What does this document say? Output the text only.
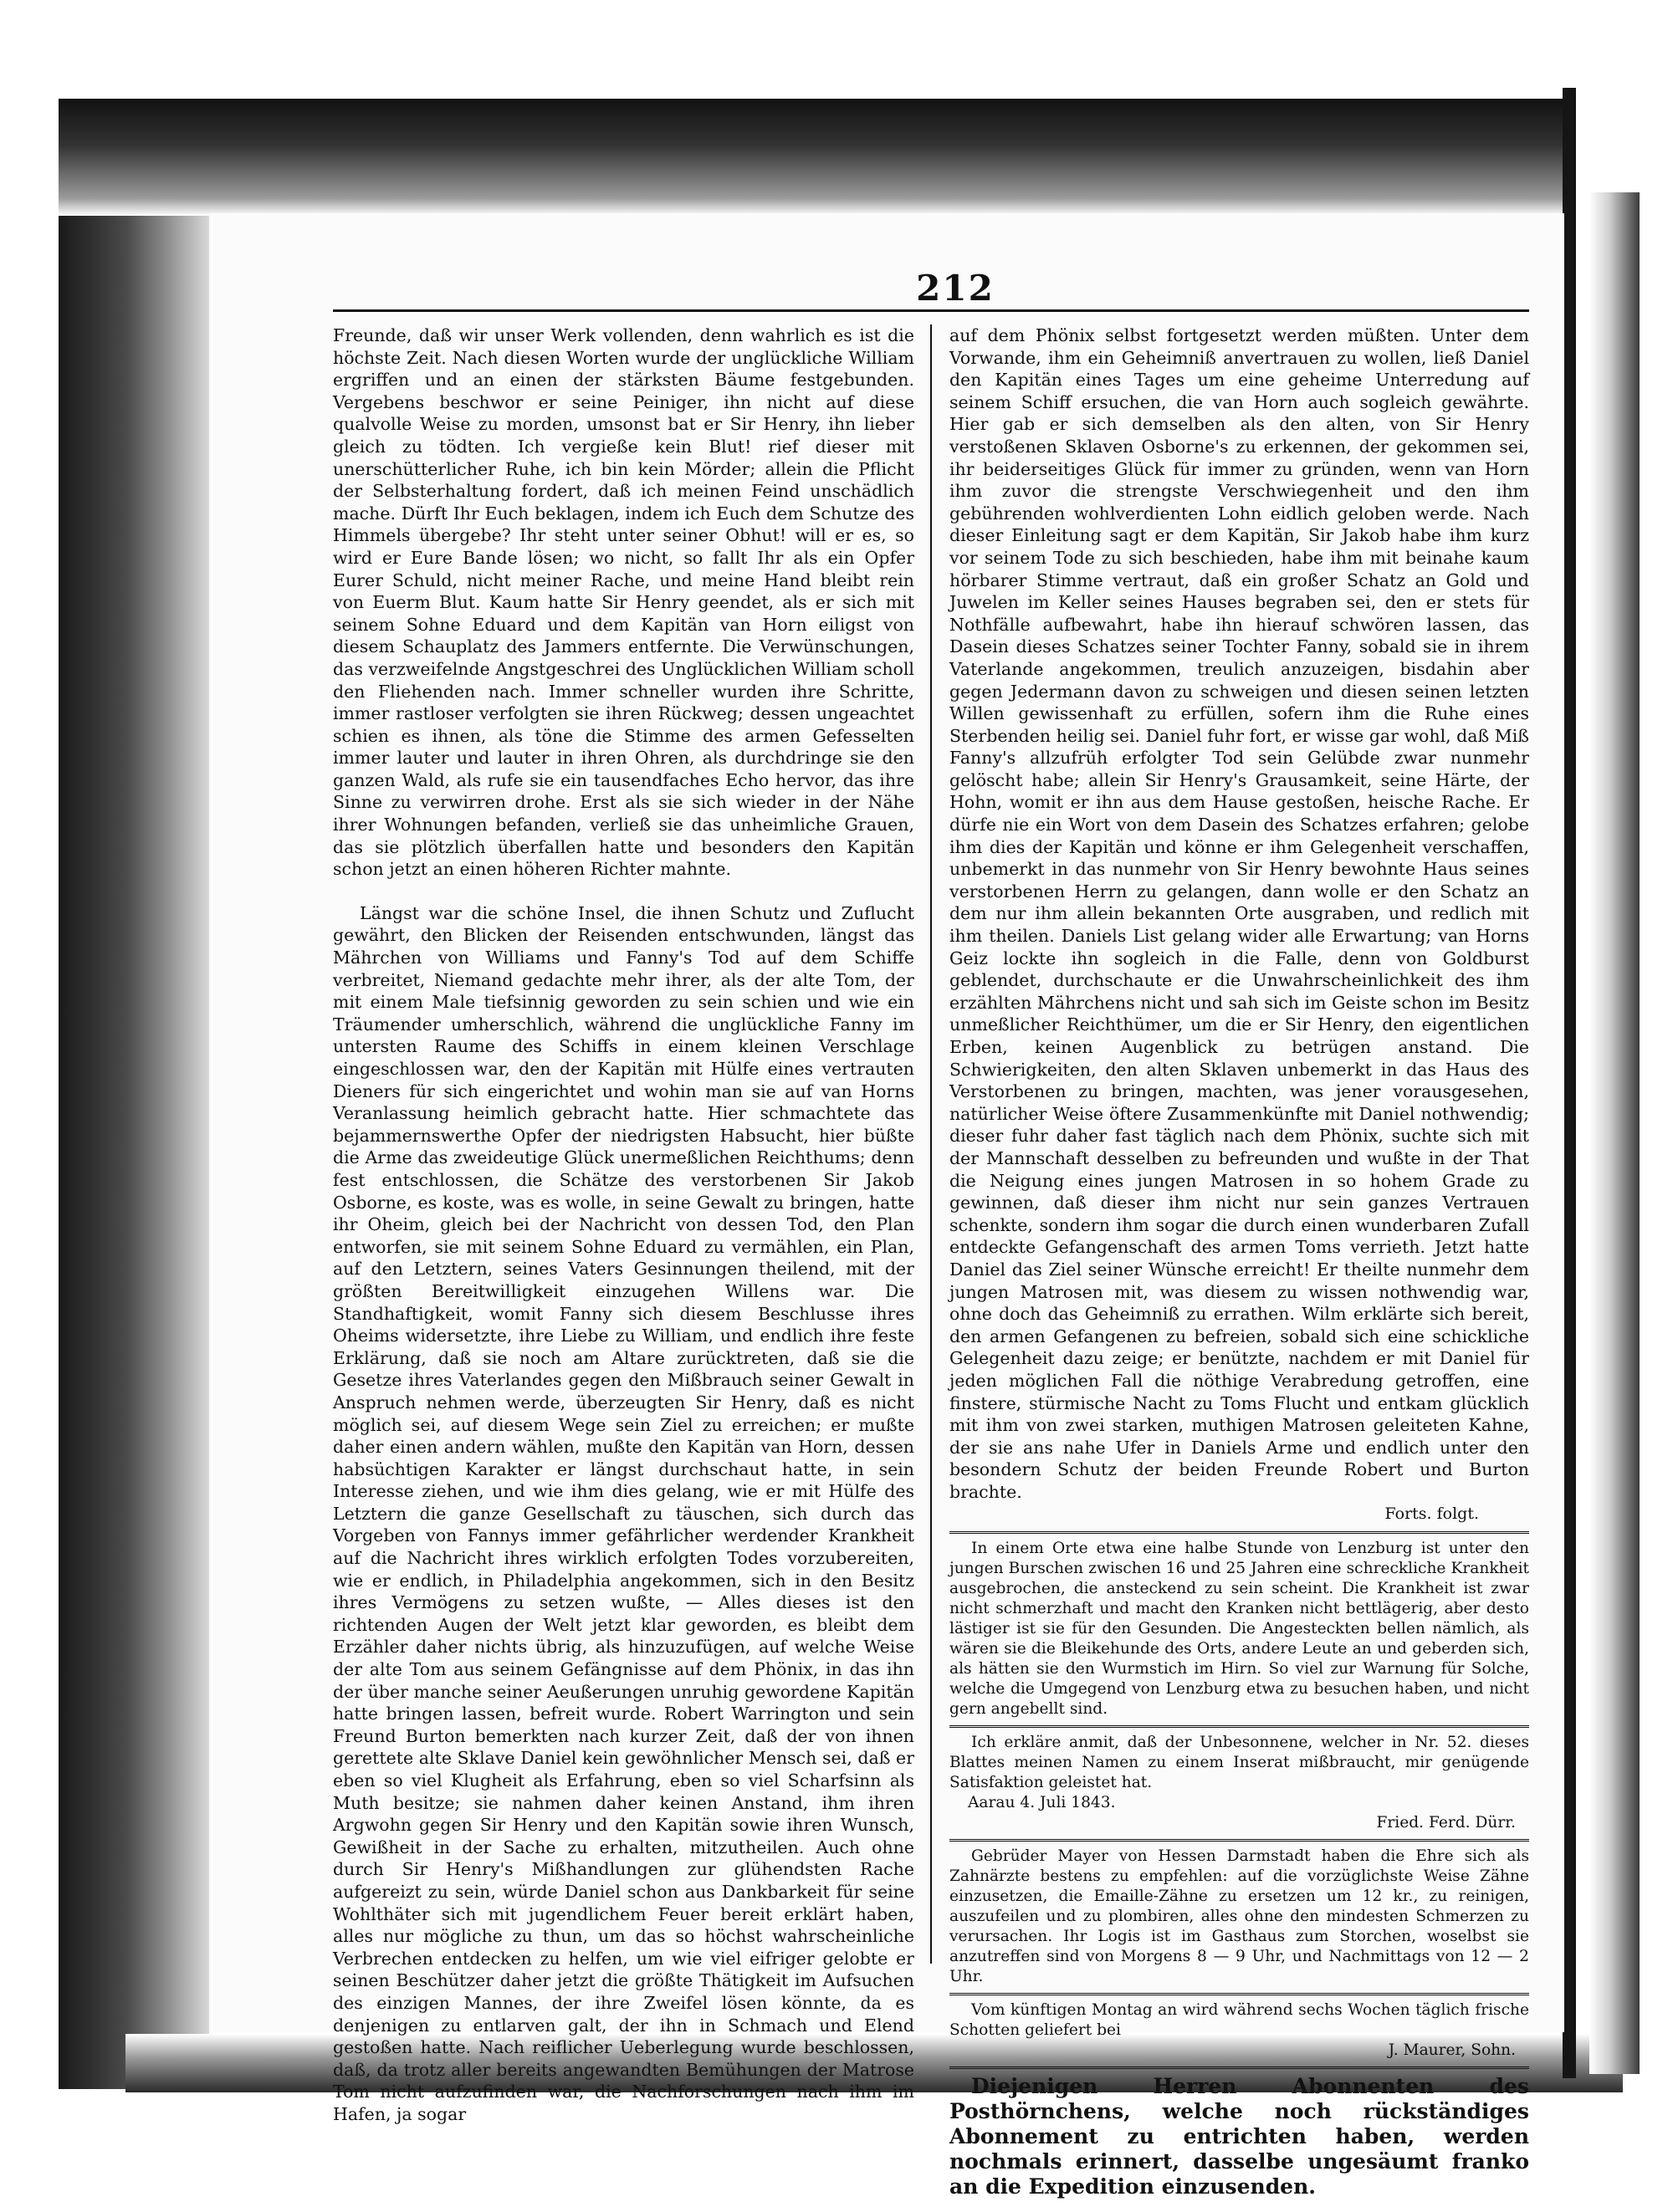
212

Freunde, daß wir unser Werk vollenden, denn wahrlich es ist die höchste Zeit. Nach diesen Worten wurde der unglückliche William ergriffen und an einen der stärksten Bäume festgebunden. Vergebens beschwor er seine Peiniger, ihn nicht auf diese qualvolle Weise zu morden, umsonst bat er Sir Henry, ihn lieber gleich zu tödten. Ich vergieße kein Blut! rief dieser mit unerschütterlicher Ruhe, ich bin kein Mörder; allein die Pflicht der Selbsterhaltung fordert, daß ich meinen Feind unschädlich mache. Dürft Ihr Euch beklagen, indem ich Euch dem Schutze des Himmels übergebe? Ihr steht unter seiner Obhut! will er es, so wird er Eure Bande lösen; wo nicht, so fallt Ihr als ein Opfer Eurer Schuld, nicht meiner Rache, und meine Hand bleibt rein von Euerm Blut. Kaum hatte Sir Henry geendet, als er sich mit seinem Sohne Eduard und dem Kapitän van Horn eiligst von diesem Schauplatz des Jammers entfernte. Die Verwünschungen, das verzweifelnde Angstgeschrei des Unglücklichen William scholl den Fliehenden nach. Immer schneller wurden ihre Schritte, immer rastloser verfolgten sie ihren Rückweg; dessen ungeachtet schien es ihnen, als töne die Stimme des armen Gefesselten immer lauter und lauter in ihren Ohren, als durchdringe sie den ganzen Wald, als rufe sie ein tausendfaches Echo hervor, das ihre Sinne zu verwirren drohe. Erst als sie sich wieder in der Nähe ihrer Wohnungen befanden, verließ sie das unheimliche Grauen, das sie plötzlich überfallen hatte und besonders den Kapitän schon jetzt an einen höheren Richter mahnte.

Längst war die schöne Insel, die ihnen Schutz und Zuflucht gewährt, den Blicken der Reisenden entschwunden, längst das Mährchen von Williams und Fanny's Tod auf dem Schiffe verbreitet, Niemand gedachte mehr ihrer, als der alte Tom, der mit einem Male tiefsinnig geworden zu sein schien und wie ein Träumender umherschlich, während die unglückliche Fanny im untersten Raume des Schiffs in einem kleinen Verschlage eingeschlossen war, den der Kapitän mit Hülfe eines vertrauten Dieners für sich eingerichtet und wohin man sie auf van Horns Veranlassung heimlich gebracht hatte. Hier schmachtete das bejammernswerthe Opfer der niedrigsten Habsucht, hier büßte die Arme das zweideutige Glück unermeßlichen Reichthums; denn fest entschlossen, die Schätze des verstorbenen Sir Jakob Osborne, es koste, was es wolle, in seine Gewalt zu bringen, hatte ihr Oheim, gleich bei der Nachricht von dessen Tod, den Plan entworfen, sie mit seinem Sohne Eduard zu vermählen, ein Plan, auf den Letztern, seines Vaters Gesinnungen theilend, mit der größten Bereitwilligkeit einzugehen Willens war. Die Standhaftigkeit, womit Fanny sich diesem Beschlusse ihres Oheims widersetzte, ihre Liebe zu William, und endlich ihre feste Erklärung, daß sie noch am Altare zurücktreten, daß sie die Gesetze ihres Vaterlandes gegen den Mißbrauch seiner Gewalt in Anspruch nehmen werde, überzeugten Sir Henry, daß es nicht möglich sei, auf diesem Wege sein Ziel zu erreichen; er mußte daher einen andern wählen, mußte den Kapitän van Horn, dessen habsüchtigen Karakter er längst durchschaut hatte, in sein Interesse ziehen, und wie ihm dies gelang, wie er mit Hülfe des Letztern die ganze Gesellschaft zu täuschen, sich durch das Vorgeben von Fannys immer gefährlicher werdender Krankheit auf die Nachricht ihres wirklich erfolgten Todes vorzubereiten, wie er endlich, in Philadelphia angekommen, sich in den Besitz ihres Vermögens zu setzen wußte, — Alles dieses ist den richtenden Augen der Welt jetzt klar geworden, es bleibt dem Erzähler daher nichts übrig, als hinzuzufügen, auf welche Weise der alte Tom aus seinem Gefängnisse auf dem Phönix, in das ihn der über manche seiner Aeußerungen unruhig gewordene Kapitän hatte bringen lassen, befreit wurde. Robert Warrington und sein Freund Burton bemerkten nach kurzer Zeit, daß der von ihnen gerettete alte Sklave Daniel kein gewöhnlicher Mensch sei, daß er eben so viel Klugheit als Erfahrung, eben so viel Scharfsinn als Muth besitze; sie nahmen daher keinen Anstand, ihm ihren Argwohn gegen Sir Henry und den Kapitän sowie ihren Wunsch, Gewißheit in der Sache zu erhalten, mitzutheilen. Auch ohne durch Sir Henry's Mißhandlungen zur glühendsten Rache aufgereizt zu sein, würde Daniel schon aus Dankbarkeit für seine Wohlthäter sich mit jugendlichem Feuer bereit erklärt haben, alles nur mögliche zu thun, um das so höchst wahrscheinliche Verbrechen entdecken zu helfen, um wie viel eifriger gelobte er seinen Beschützer daher jetzt die größte Thätigkeit im Aufsuchen des einzigen Mannes, der ihre Zweifel lösen könnte, da es denjenigen zu entlarven galt, der ihn in Schmach und Elend gestoßen hatte. Nach reiflicher Ueberlegung wurde beschlossen, daß, da trotz aller bereits angewandten Bemühungen der Matrose Tom nicht aufzufinden war, die Nachforschungen nach ihm im Hafen, ja sogar

auf dem Phönix selbst fortgesetzt werden müßten. Unter dem Vorwande, ihm ein Geheimniß anvertrauen zu wollen, ließ Daniel den Kapitän eines Tages um eine geheime Unterredung auf seinem Schiff ersuchen, die van Horn auch sogleich gewährte. Hier gab er sich demselben als den alten, von Sir Henry verstoßenen Sklaven Osborne's zu erkennen, der gekommen sei, ihr beiderseitiges Glück für immer zu gründen, wenn van Horn ihm zuvor die strengste Verschwiegenheit und den ihm gebührenden wohlverdienten Lohn eidlich geloben werde. Nach dieser Einleitung sagt er dem Kapitän, Sir Jakob habe ihm kurz vor seinem Tode zu sich beschieden, habe ihm mit beinahe kaum hörbarer Stimme vertraut, daß ein großer Schatz an Gold und Juwelen im Keller seines Hauses begraben sei, den er stets für Nothfälle aufbewahrt, habe ihn hierauf schwören lassen, das Dasein dieses Schatzes seiner Tochter Fanny, sobald sie in ihrem Vaterlande angekommen, treulich anzuzeigen, bisdahin aber gegen Jedermann davon zu schweigen und diesen seinen letzten Willen gewissenhaft zu erfüllen, sofern ihm die Ruhe eines Sterbenden heilig sei. Daniel fuhr fort, er wisse gar wohl, daß Miß Fanny's allzufrüh erfolgter Tod sein Gelübde zwar nunmehr gelöscht habe; allein Sir Henry's Grausamkeit, seine Härte, der Hohn, womit er ihn aus dem Hause gestoßen, heische Rache. Er dürfe nie ein Wort von dem Dasein des Schatzes erfahren; gelobe ihm dies der Kapitän und könne er ihm Gelegenheit verschaffen, unbemerkt in das nunmehr von Sir Henry bewohnte Haus seines verstorbenen Herrn zu gelangen, dann wolle er den Schatz an dem nur ihm allein bekannten Orte ausgraben, und redlich mit ihm theilen. Daniels List gelang wider alle Erwartung; van Horns Geiz lockte ihn sogleich in die Falle, denn von Goldburst geblendet, durchschaute er die Unwahrscheinlichkeit des ihm erzählten Mährchens nicht und sah sich im Geiste schon im Besitz unmeßlicher Reichthümer, um die er Sir Henry, den eigentlichen Erben, keinen Augenblick zu betrügen anstand. Die Schwierigkeiten, den alten Sklaven unbemerkt in das Haus des Verstorbenen zu bringen, machten, was jener vorausgesehen, natürlicher Weise öftere Zusammenkünfte mit Daniel nothwendig; dieser fuhr daher fast täglich nach dem Phönix, suchte sich mit der Mannschaft desselben zu befreunden und wußte in der That die Neigung eines jungen Matrosen in so hohem Grade zu gewinnen, daß dieser ihm nicht nur sein ganzes Vertrauen schenkte, sondern ihm sogar die durch einen wunderbaren Zufall entdeckte Gefangenschaft des armen Toms verrieth. Jetzt hatte Daniel das Ziel seiner Wünsche erreicht! Er theilte nunmehr dem jungen Matrosen mit, was diesem zu wissen nothwendig war, ohne doch das Geheimniß zu errathen. Wilm erklärte sich bereit, den armen Gefangenen zu befreien, sobald sich eine schickliche Gelegenheit dazu zeige; er benützte, nachdem er mit Daniel für jeden möglichen Fall die nöthige Verabredung getroffen, eine finstere, stürmische Nacht zu Toms Flucht und entkam glücklich mit ihm von zwei starken, muthigen Matrosen geleiteten Kahne, der sie ans nahe Ufer in Daniels Arme und endlich unter den besondern Schutz der beiden Freunde Robert und Burton brachte.

Forts. folgt.

In einem Orte etwa eine halbe Stunde von Lenzburg ist unter den jungen Burschen zwischen 16 und 25 Jahren eine schreckliche Krankheit ausgebrochen, die ansteckend zu sein scheint. Die Krankheit ist zwar nicht schmerzhaft und macht den Kranken nicht bettlägerig, aber desto lästiger ist sie für den Gesunden. Die Angesteckten bellen nämlich, als wären sie die Bleikehunde des Orts, andere Leute an und geberden sich, als hätten sie den Wurmstich im Hirn. So viel zur Warnung für Solche, welche die Umgegend von Lenzburg etwa zu besuchen haben, und nicht gern angebellt sind.

Ich erkläre anmit, daß der Unbesonnene, welcher in Nr. 52. dieses Blattes meinen Namen zu einem Inserat mißbraucht, mir genügende Satisfaktion geleistet hat.

Aarau 4. Juli 1843.

Fried. Ferd. Dürr.

Gebrüder Mayer von Hessen Darmstadt haben die Ehre sich als Zahnärzte bestens zu empfehlen: auf die vorzüglichste Weise Zähne einzusetzen, die Emaille-Zähne zu ersetzen um 12 kr., zu reinigen, auszufeilen und zu plombiren, alles ohne den mindesten Schmerzen zu verursachen. Ihr Logis ist im Gasthaus zum Storchen, woselbst sie anzutreffen sind von Morgens 8 — 9 Uhr, und Nachmittags von 12 — 2 Uhr.

Vom künftigen Montag an wird während sechs Wochen täglich frische Schotten geliefert bei

J. Maurer, Sohn.

Diejenigen Herren Abonnenten des Posthörnchens, welche noch rückständiges Abonnement zu entrichten haben, werden nochmals erinnert, dasselbe ungesäumt franko an die Expedition einzusenden.
